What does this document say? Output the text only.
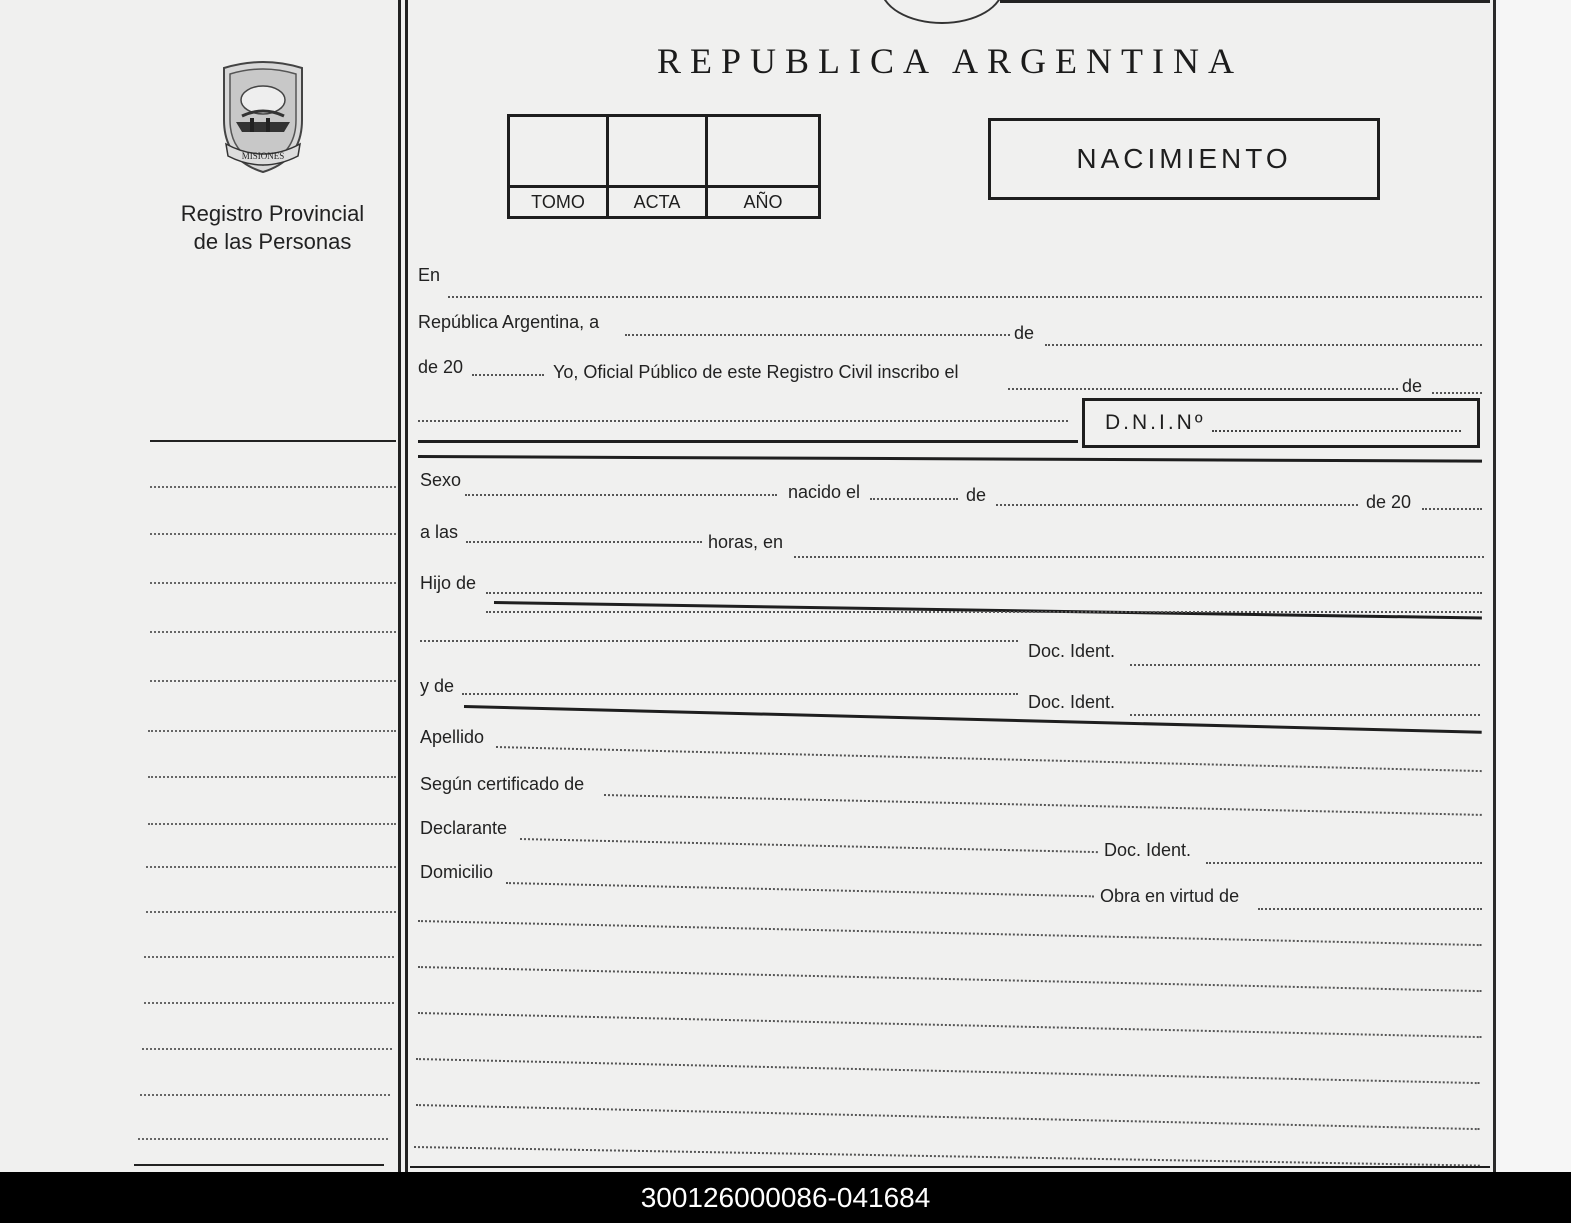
MISIONES
Registro Provincial
de las Personas
REPUBLICA ARGENTINA

TOMO	ACTA	AÑO
NACIMIENTO
En
República Argentina, a
de
de 20	Yo, Oficial Público de este Registro Civil inscribo el
de
D.N.I.Nº
Sexo
nacido el	de	de 20
a las	horas, en
Hijo de
Doc. Ident.
y de
Doc. Ident.
Apellido
Según certificado de
Declarante
Doc. Ident.
Domicilio
Obra en virtud de
300126000086-041684
